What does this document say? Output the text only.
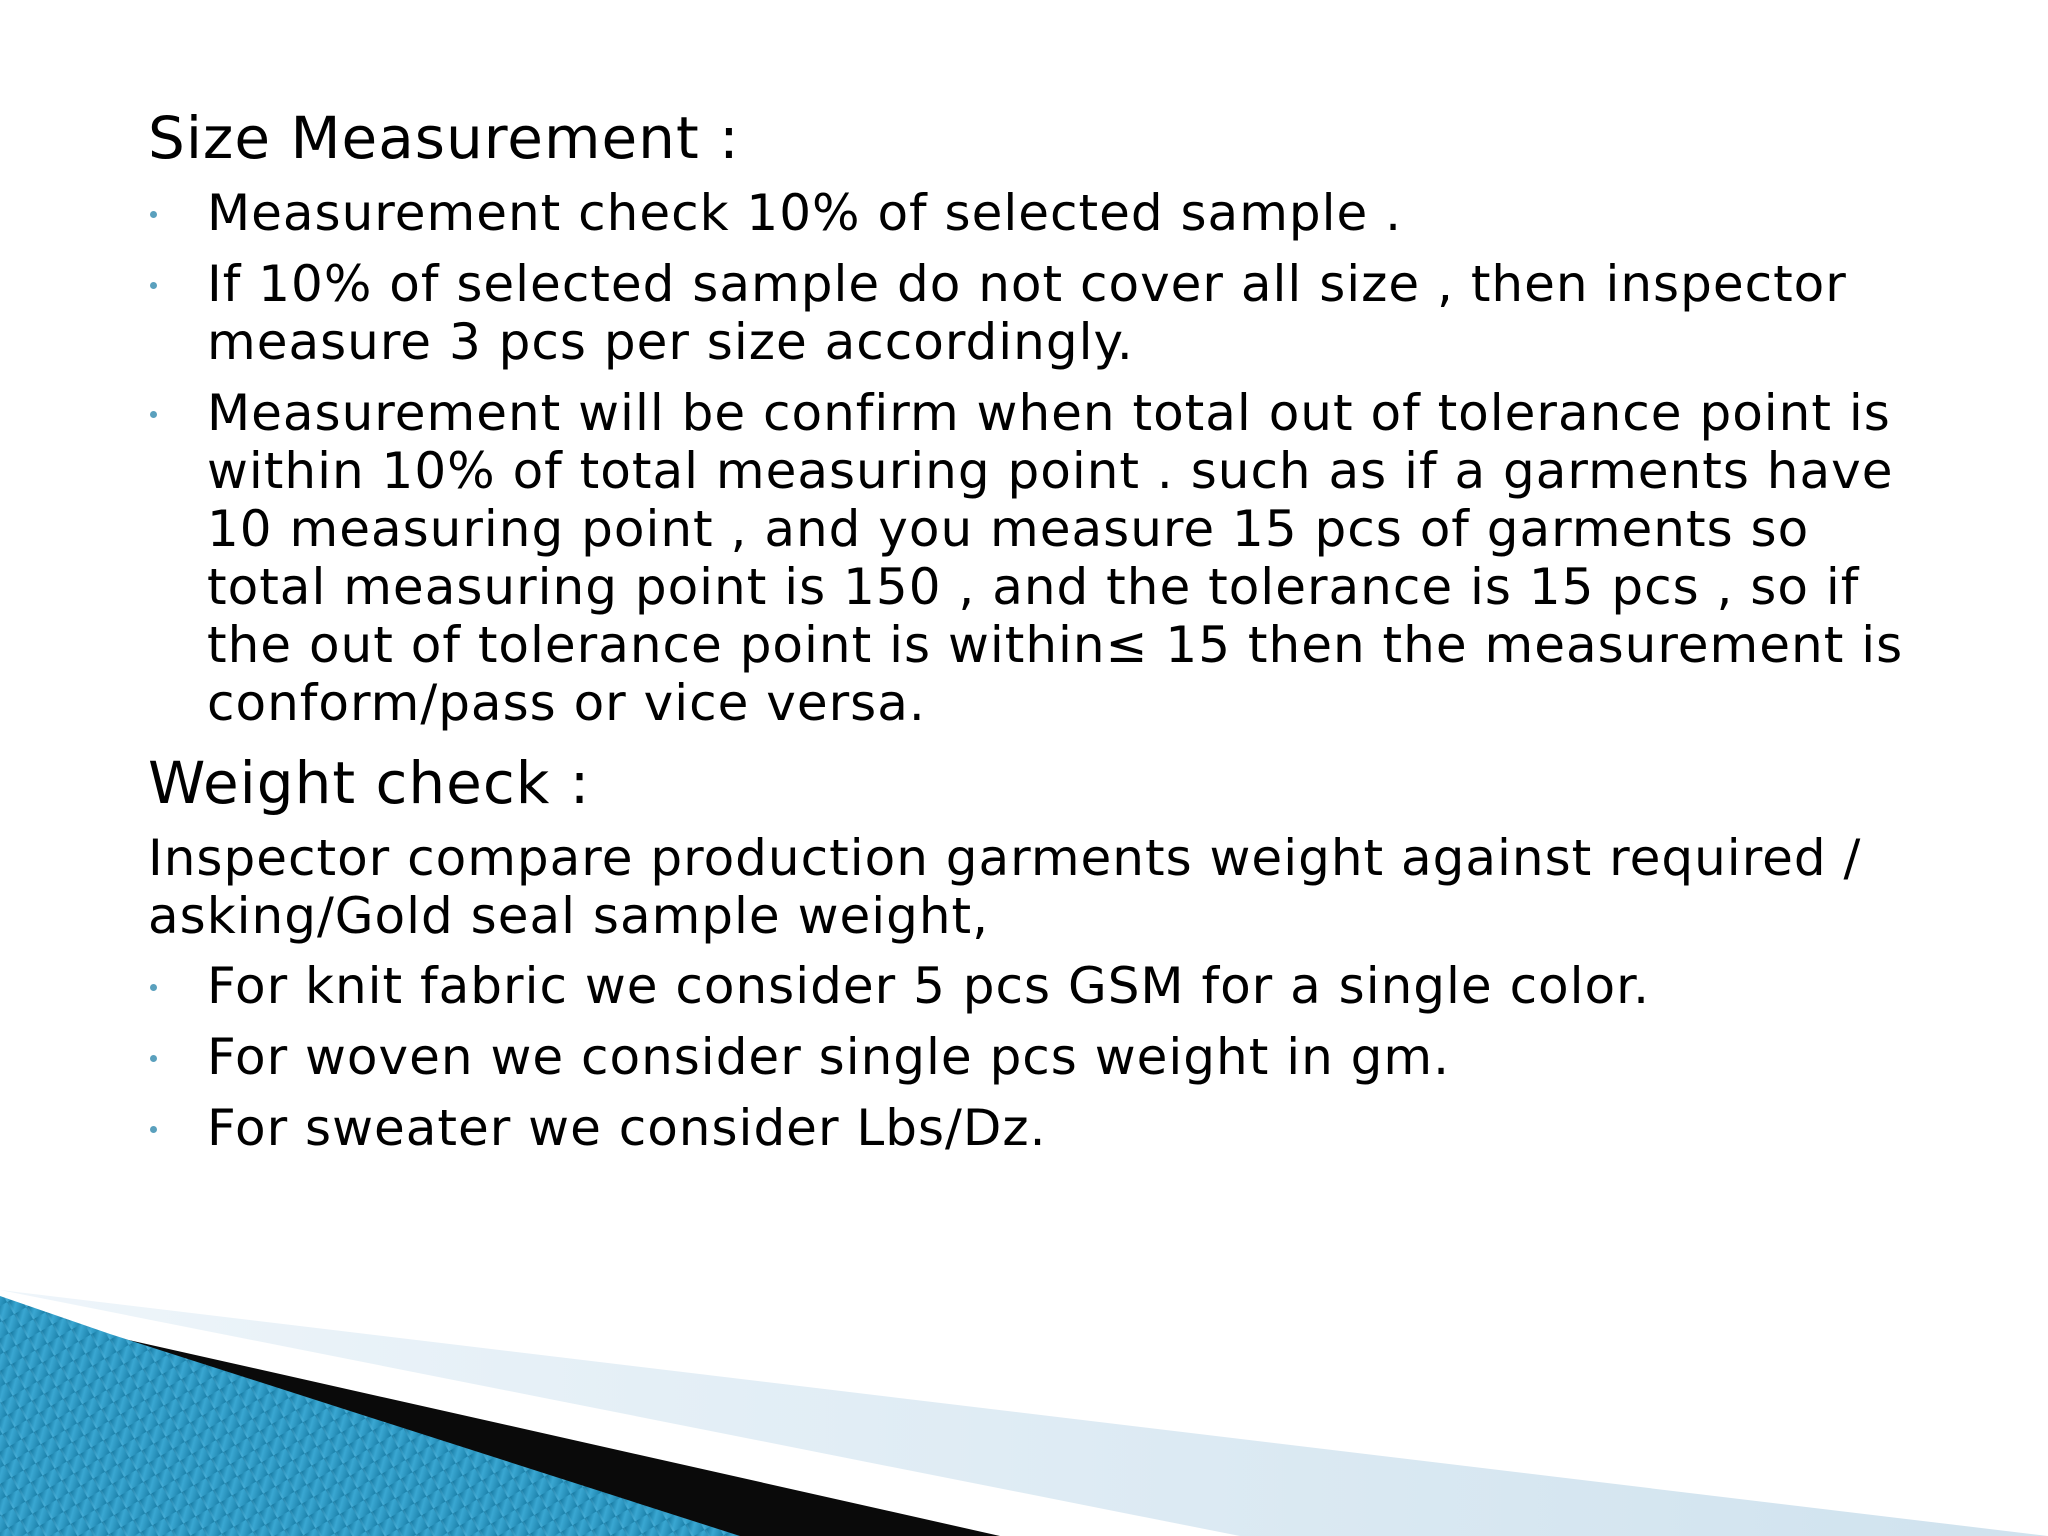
Size Measurement :
Measurement check 10% of selected sample .
If 10% of selected sample do not cover all size , then inspector measure 3 pcs per size accordingly.
Measurement will be confirm when total out of tolerance point is within 10% of total measuring point . such as if a garments have 10 measuring point , and you measure 15 pcs of garments so total measuring point is 150 , and the tolerance is 15 pcs , so if the out of tolerance point is within≤ 15 then the measurement is conform/pass or vice versa.
Weight check :
Inspector compare production garments weight against required / asking/Gold seal sample weight,
For knit fabric we consider 5 pcs GSM for a single color.
For woven we consider single pcs weight in gm.
For sweater we consider Lbs/Dz.
